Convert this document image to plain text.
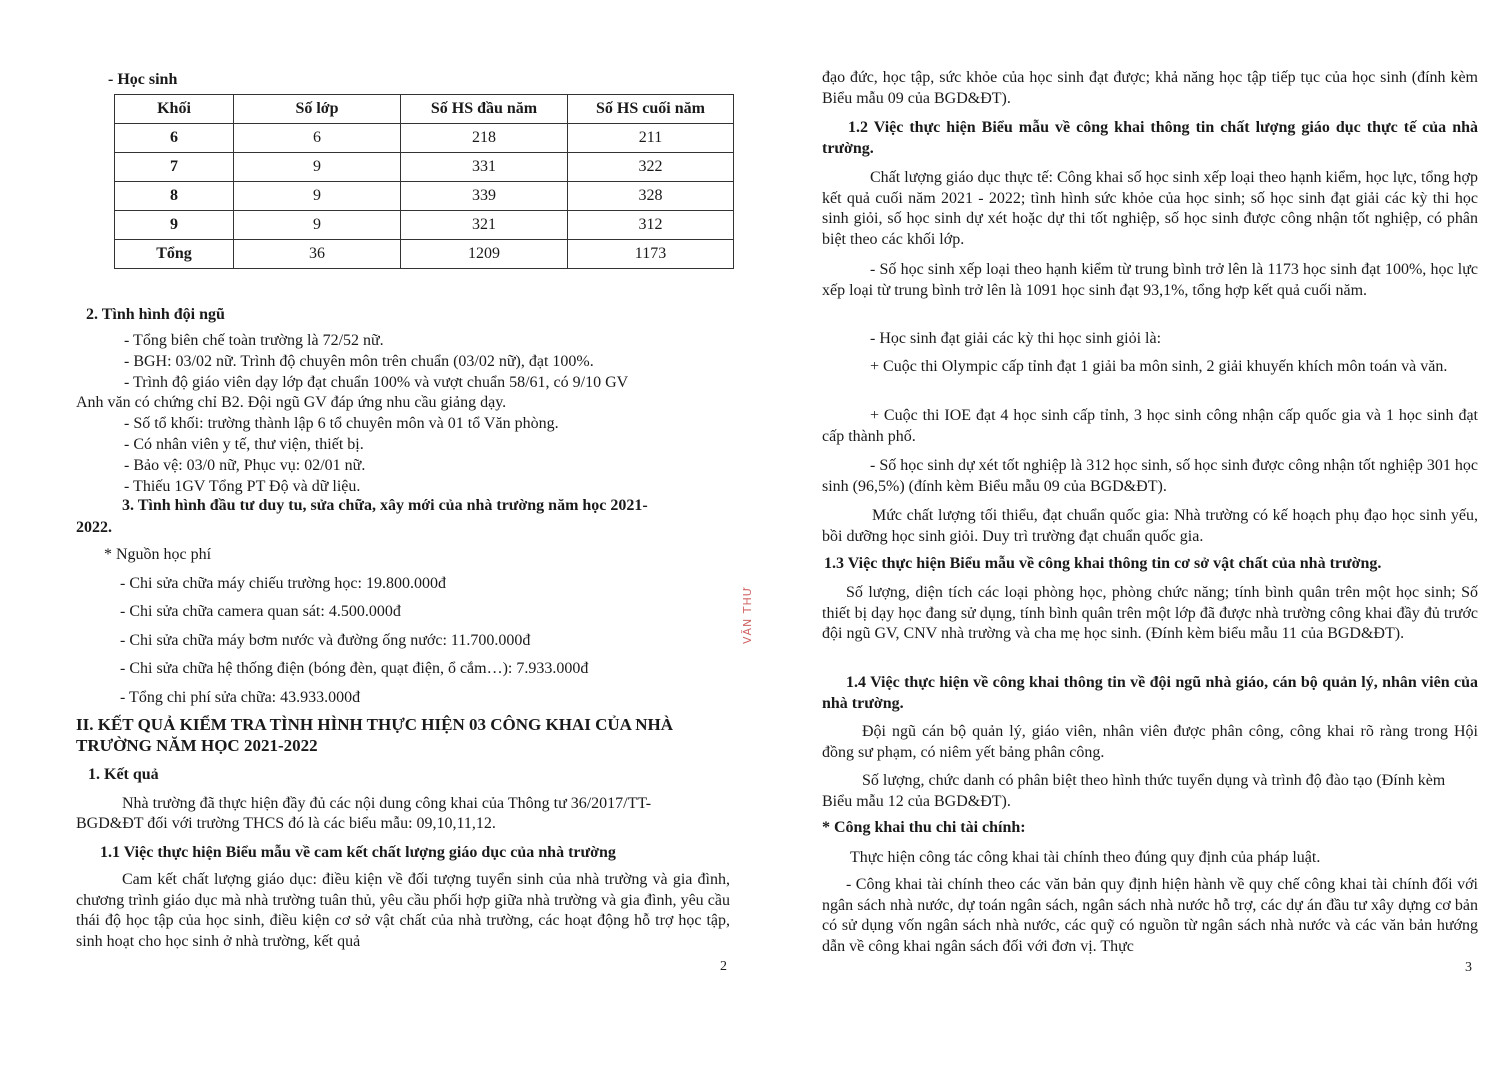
- Học sinh

Khối	Số lớp	Số HS đầu năm	Số HS cuối năm
6	6	218	211
7	9	331	322
8	9	339	328
9	9	321	312
Tổng	36	1209	1173

2. Tình hình đội ngũ

- Tổng biên chế toàn trường là 72/52 nữ.

- BGH: 03/02 nữ. Trình độ chuyên môn trên chuẩn (03/02 nữ), đạt 100%.

- Trình độ giáo viên dạy lớp đạt chuẩn 100% và vượt chuẩn 58/61, có 9/10 GV

Anh văn có chứng chỉ B2. Đội ngũ GV đáp ứng nhu cầu giảng dạy.

- Số tổ khối: trường thành lập 6 tổ chuyên môn và 01 tổ Văn phòng.

- Có nhân viên y tế, thư viện, thiết bị.

- Bảo vệ: 03/0 nữ, Phục vụ: 02/01 nữ.

- Thiếu 1GV Tổng PT Độ và dữ liệu.

3. Tình hình đầu tư duy tu, sửa chữa, xây mới của nhà trường năm học 2021-

2022.

* Nguồn học phí

- Chi sửa chữa máy chiếu trường học: 19.800.000đ

- Chi sửa chữa camera quan sát: 4.500.000đ

- Chi sửa chữa máy bơm nước và đường ống nước: 11.700.000đ

- Chi sửa chữa hệ thống điện (bóng đèn, quạt điện, ổ cắm…): 7.933.000đ

- Tổng chi phí sửa chữa: 43.933.000đ

II. KẾT QUẢ KIỂM TRA TÌNH HÌNH THỰC HIỆN 03 CÔNG KHAI CỦA NHÀ

TRƯỜNG NĂM HỌC 2021-2022

1. Kết quả

Nhà trường đã thực hiện đầy đủ các nội dung công khai của Thông tư 36/2017/TT-

BGD&ĐT đối với trường THCS đó là các biểu mẫu: 09,10,11,12.

1.1 Việc thực hiện Biểu mẫu về cam kết chất lượng giáo dục của nhà trường

Cam kết chất lượng giáo dục: điều kiện về đối tượng tuyển sinh của nhà trường và gia đình, chương trình giáo dục mà nhà trường tuân thủ, yêu cầu phối hợp giữa nhà trường và gia đình, yêu cầu thái độ học tập của học sinh, điều kiện cơ sở vật chất của nhà trường, các hoạt động hỗ trợ học tập, sinh hoạt cho học sinh ở nhà trường, kết quả

2
VĂN THƯ

đạo đức, học tập, sức khỏe của học sinh đạt được; khả năng học tập tiếp tục của học sinh (đính kèm Biểu mẫu 09 của BGD&ĐT).

1.2 Việc thực hiện Biểu mẫu về công khai thông tin chất lượng giáo dục thực tế của nhà trường.

Chất lượng giáo dục thực tế: Công khai số học sinh xếp loại theo hạnh kiểm, học lực, tổng hợp kết quả cuối năm 2021 - 2022; tình hình sức khỏe của học sinh; số học sinh đạt giải các kỳ thi học sinh giỏi, số học sinh dự xét hoặc dự thi tốt nghiệp, số học sinh được công nhận tốt nghiệp, có phân biệt theo các khối lớp.

- Số học sinh xếp loại theo hạnh kiểm từ trung bình trở lên là 1173 học sinh đạt 100%, học lực xếp loại từ trung bình trở lên là 1091 học sinh đạt 93,1%, tổng hợp kết quả cuối năm.

- Học sinh đạt giải các kỳ thi học sinh giỏi là:

+ Cuộc thi Olympic cấp tỉnh đạt 1 giải ba môn sinh, 2 giải khuyến khích môn toán và văn.

+ Cuộc thi IOE đạt 4 học sinh cấp tỉnh, 3 học sinh công nhận cấp quốc gia và 1 học sinh đạt cấp thành phố.

- Số học sinh dự xét tốt nghiệp là 312 học sinh, số học sinh được công nhận tốt nghiệp 301 học sinh (96,5%) (đính kèm Biểu mẫu 09 của BGD&ĐT).

Mức chất lượng tối thiểu, đạt chuẩn quốc gia: Nhà trường có kế hoạch phụ đạo học sinh yếu, bồi dưỡng học sinh giỏi. Duy trì trường đạt chuẩn quốc gia.

1.3 Việc thực hiện Biểu mẫu về công khai thông tin cơ sở vật chất của nhà trường.

Số lượng, diện tích các loại phòng học, phòng chức năng; tính bình quân trên một học sinh; Số thiết bị dạy học đang sử dụng, tính bình quân trên một lớp đã được nhà trường công khai đầy đủ trước đội ngũ GV, CNV nhà trường và cha mẹ học sinh. (Đính kèm biểu mẫu 11 của BGD&ĐT).

1.4 Việc thực hiện về công khai thông tin về đội ngũ nhà giáo, cán bộ quản lý, nhân viên của nhà trường.

Đội ngũ cán bộ quản lý, giáo viên, nhân viên được phân công, công khai rõ ràng trong Hội đồng sư phạm, có niêm yết bảng phân công.

Số lượng, chức danh có phân biệt theo hình thức tuyển dụng và trình độ đào tạo (Đính kèm Biểu mẫu 12 của BGD&ĐT).

* Công khai thu chi tài chính:

Thực hiện công tác công khai tài chính theo đúng quy định của pháp luật.

- Công khai tài chính theo các văn bản quy định hiện hành về quy chế công khai tài chính đối với ngân sách nhà nước, dự toán ngân sách, ngân sách nhà nước hỗ trợ, các dự án đầu tư xây dựng cơ bản có sử dụng vốn ngân sách nhà nước, các quỹ có nguồn từ ngân sách nhà nước và các văn bản hướng dẫn về công khai ngân sách đối với đơn vị. Thực

3
